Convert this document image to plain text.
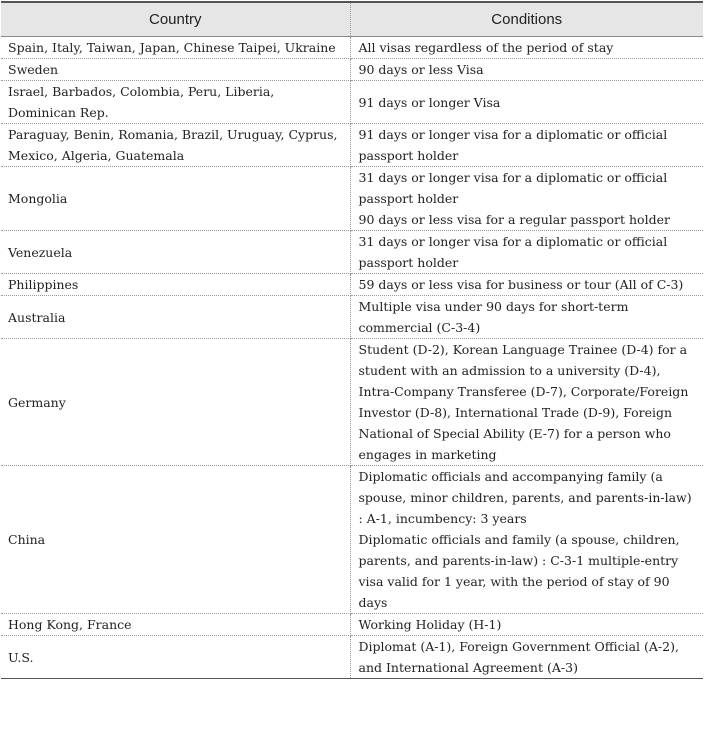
Country	Conditions
Spain, Italy, Taiwan, Japan, Chinese Taipei, Ukraine	All visas regardless of the period of stay

Sweden	90 days or less Visa

Israel, Barbados, Colombia, Peru, Liberia, Dominican Rep.	91 days or longer Visa

Paraguay, Benin, Romania, Brazil, Uruguay, Cyprus, Mexico, Algeria, Guatemala	91 days or longer visa for a diplomatic or official passport holder

Mongolia	31 days or longer visa for a diplomatic or official passport holder
90 days or less visa for a regular passport holder

Venezuela	31 days or longer visa for a diplomatic or official passport holder

Philippines	59 days or less visa for business or tour (All of C-3)

Australia	Multiple visa under 90 days for short-term commercial (C-3-4)

Germany	Student (D-2), Korean Language Trainee (D-4) for a student with an admission to a university (D-4), Intra-Company Transferee (D-7), Corporate/Foreign Investor (D-8), International Trade (D-9), Foreign National of Special Ability (E-7) for a person who engages in marketing

China	Diplomatic officials and accompanying family (a spouse, minor children, parents, and parents-in-law) : A-1, incumbency: 3 years
Diplomatic officials and family (a spouse, children, parents, and parents-in-law) : C-3-1 multiple-entry visa valid for 1 year, with the period of stay of 90 days

Hong Kong, France	Working Holiday (H-1)

U.S.	Diplomat (A-1), Foreign Government Official (A-2), and International Agreement (A-3)
